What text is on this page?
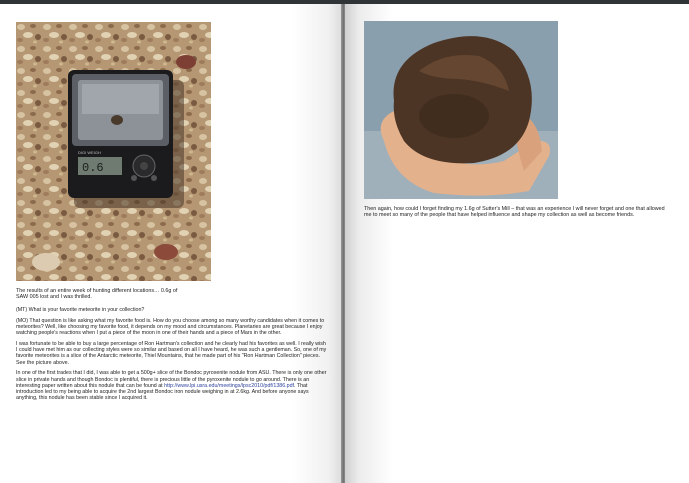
0.6
DIGI WEIGH
The results of an entire week of hunting different locations… 0.6g of
SAW 005 lost and I was thrilled.

(MT) What is your favorite meteorite in your collection?

(MO) That question is like asking what my favorite food is. How do you choose among so many worthy candidates when it comes to meteorites? Well, like choosing my favorite food, it depends on my mood and circumstances. Planetaries are great because I enjoy watching people's reactions when I put a piece of the moon in one of their hands and a piece of Mars in the other.

I was fortunate to be able to buy a large percentage of Ron Hartman's collection and he clearly had his favorites as well. I really wish I could have met him as our collecting styles were so similar and based on all I have heard, he was such a gentleman. So, one of my favorite meteorites is a slice of the Antarctic meteorite, Thiel Mountains, that he made part of his "Ron Hartman Collection" pieces. See the picture above.

In one of the first trades that I did, I was able to get a 500g+ slice of the Bondoc pyroxenite nodule from ASU. There is only one other slice in private hands and though Bondoc is plentiful, there is precious little of the pyroxenite nodule to go around. There is an interesting paper written about this nodule that can be found at http://www.lpi.usra.edu/meetings/lpsc2010/pdf/1386.pdf. That introduction led to my being able to acquire the 2nd largest Bondoc iron nodule weighing in at 2.6kg. And before anyone says anything, this nodule has been stable since I acquired it.

Then again, how could I forget finding my 1.6g of Sutter's Mill – that was an experience I will never forget and one that allowed me to meet so many of the people that have helped influence and shape my collection as well as become friends.
